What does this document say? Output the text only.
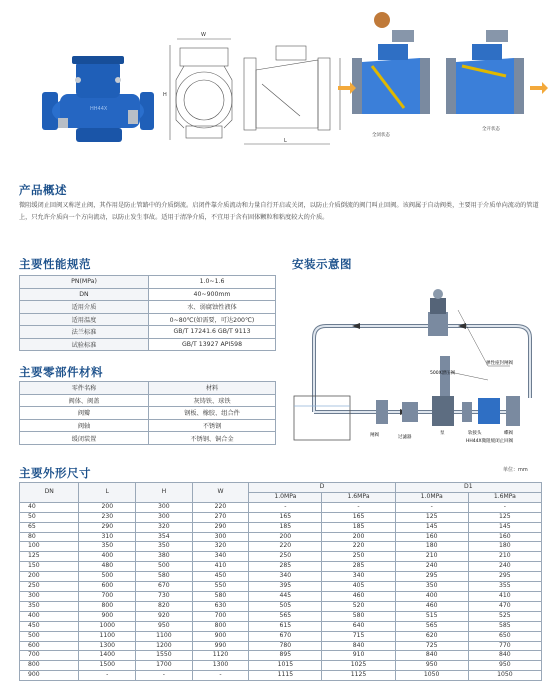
HH44X
W
H
L
全闭状态
全开状态
产品概述
微阻缓闭止回阀又称逆止阀，其作用是防止管路中的介质倒流。启闭件靠介质流动和力量自行开启或关闭，以防止介质倒流的阀门叫止回阀。该阀属于自动阀类，主要用于介质单向流动的管道上，只允许介质向一个方向流动，以防止发生事故。适用于清净介质，不宜用于含有固体颗粒和粘度较大的介质。
主要性能规范
PN(MPa)	1.0~1.6
DN	40~900mm
适用介质	水、弱腐蚀性液体
适用温度	0~80℃(如需要，可达200℃)
法兰标准	GB/T 17241.6 GB/T 9113
试验标准	GB/T 13927 API598
主要零部件材料
零件名称	材料
阀体、阀盖	灰铸铁、球铁
阀瓣	钢板、橡胶、组合件
阀轴	不锈钢
缓闭装置	不锈钢、铜合金
安装示意图
弹性座封闸阀
500X泄压阀
闸阀	过滤器
泵	软接头	蝶阀
HH44X微阻缓闭止回阀
主要外形尺寸	单位：mm
DN	L	H	W	D		D1	
				1.0MPa	1.6MPa	1.0MPa	1.6MPa
40	200	300	220	-	-	-	-
50	230	300	270	165	165	125	125
65	290	320	290	185	185	145	145
80	310	354	300	200	200	160	160
100	350	350	320	220	220	180	180
125	400	380	340	250	250	210	210
150	480	500	410	285	285	240	240
200	500	580	450	340	340	295	295
250	600	670	550	395	405	350	355
300	700	730	580	445	460	400	410
350	800	820	630	505	520	460	470
400	900	920	700	565	580	515	525
450	1000	950	800	615	640	565	585
500	1100	1100	900	670	715	620	650
600	1300	1200	990	780	840	725	770
700	1400	1550	1120	895	910	840	840
800	1500	1700	1300	1015	1025	950	950
900	-	-	-	1115	1125	1050	1050
